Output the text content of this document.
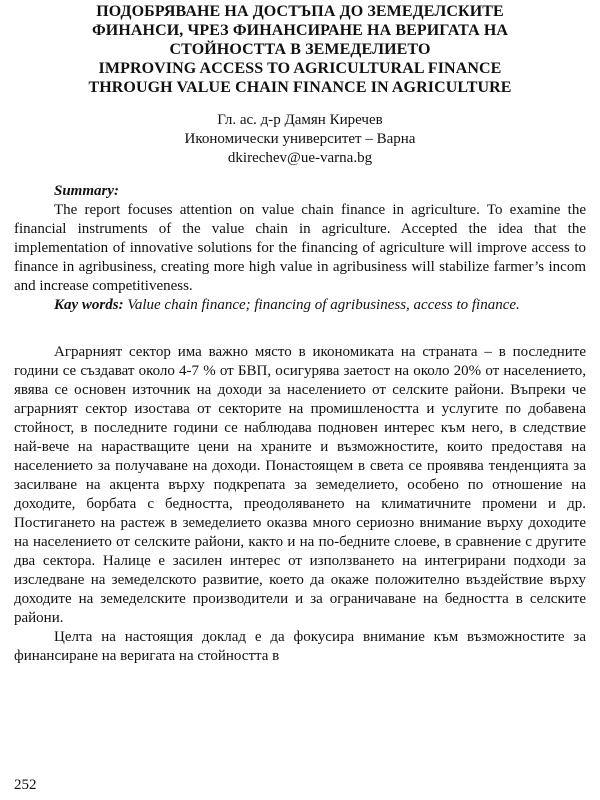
ПОДОБРЯВАНЕ НА ДОСТЪПА ДО ЗЕМЕДЕЛСКИТЕ
ФИНАНСИ, ЧРЕЗ ФИНАНСИРАНЕ НА ВЕРИГАТА НА
СТОЙНОСТТА В ЗЕМЕДЕЛИЕТО
IMPROVING ACCESS TO AGRICULTURAL FINANCE
THROUGH VALUE CHAIN FINANCE IN AGRICULTURE
Гл. ас. д-р Дамян Киречев
Икономически университет – Варна
dkirechev@ue-varna.bg
Summary:

The report focuses attention on value chain finance in agriculture. To examine the financial instruments of the value chain in agriculture. Accepted the idea that the implementation of innovative solutions for the financing of agriculture will improve access to finance in agribusiness, creating more high value in agribusiness will stabilize farmer’s incom and increase competitiveness.

Kay words: Value chain finance; financing of agribusiness, access to finance.

Аграрният сектор има важно място в икономиката на страната – в последните години се създават около 4-7 % от БВП, осигурява заетост на около 20% от населението, явява се основен източник на доходи за населението от селските райони. Въпреки че аграрният сектор изостава от секторите на промишлеността и услугите по добавена стойност, в последните години се наблюдава подновен интерес към него, в следствие най-вече на нарастващите цени на храните и възможностите, които предоставя на населението за получаване на доходи. Понастоящем в света се проявява тенденцията за засилване на акцента върху подкрепата за земеделието, особено по отношение на доходите, борбата с бедността, преодоляването на климатичните промени и др. Постигането на растеж в земеделието оказва много сериозно внимание върху доходите на населението от селските райони, както и на по-бедните слоеве, в сравнение с другите два сектора. Налице е засилен интерес от използването на интегрирани подходи за изследване на земеделското развитие, което да окаже положително въздействие върху доходите на земеделските производители и за ограничаване на бедността в селските райони.

Целта на настоящия доклад е да фокусира внимание към възможностите за финансиране на веригата на стойността в

252
